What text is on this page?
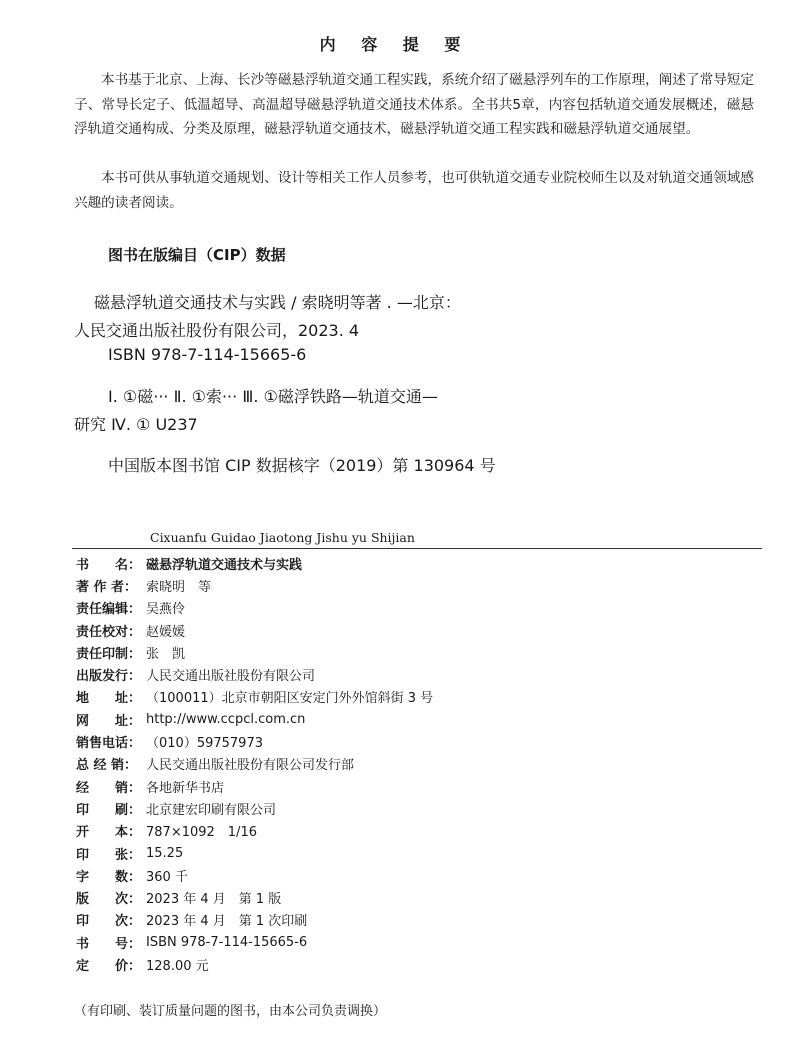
内 容 提 要

本书基于北京、上海、长沙等磁悬浮轨道交通工程实践，系统介绍了磁悬浮列车的工作原理，阐述了常导短定子、常导长定子、低温超导、高温超导磁悬浮轨道交通技术体系。全书共5章，内容包括轨道交通发展概述，磁悬浮轨道交通构成、分类及原理，磁悬浮轨道交通技术，磁悬浮轨道交通工程实践和磁悬浮轨道交通展望。

本书可供从事轨道交通规划、设计等相关工作人员参考，也可供轨道交通专业院校师生以及对轨道交通领域感兴趣的读者阅读。

图书在版编目（CIP）数据
磁悬浮轨道交通技术与实践 / 索晓明等著 . —北京：
人民交通出版社股份有限公司，2023. 4
ISBN 978-7-114-15665-6
Ⅰ. ①磁··· Ⅱ. ①索··· Ⅲ. ①磁浮铁路—轨道交通—
研究 Ⅳ. ① U237
中国版本图书馆 CIP 数据核字（2019）第 130964 号
Cixuanfu Guidao Jiaotong Jishu yu Shijian
书　　名： 磁悬浮轨道交通技术与实践
著 作 者： 索晓明　等
责任编辑： 吴燕伶
责任校对： 赵媛媛
责任印制： 张　凯
出版发行： 人民交通出版社股份有限公司
地　　址： （100011）北京市朝阳区安定门外外馆斜街 3 号
网　　址： http://www.ccpcl.com.cn
销售电话： （010）59757973
总 经 销： 人民交通出版社股份有限公司发行部
经　　销： 各地新华书店
印　　刷： 北京建宏印刷有限公司
开　　本： 787×1092　1/16
印　　张： 15.25
字　　数： 360 千
版　　次： 2023 年 4 月　第 1 版
印　　次： 2023 年 4 月　第 1 次印刷
书　　号： ISBN 978-7-114-15665-6
定　　价： 128.00 元
（有印刷、装订质量问题的图书，由本公司负责调换）
